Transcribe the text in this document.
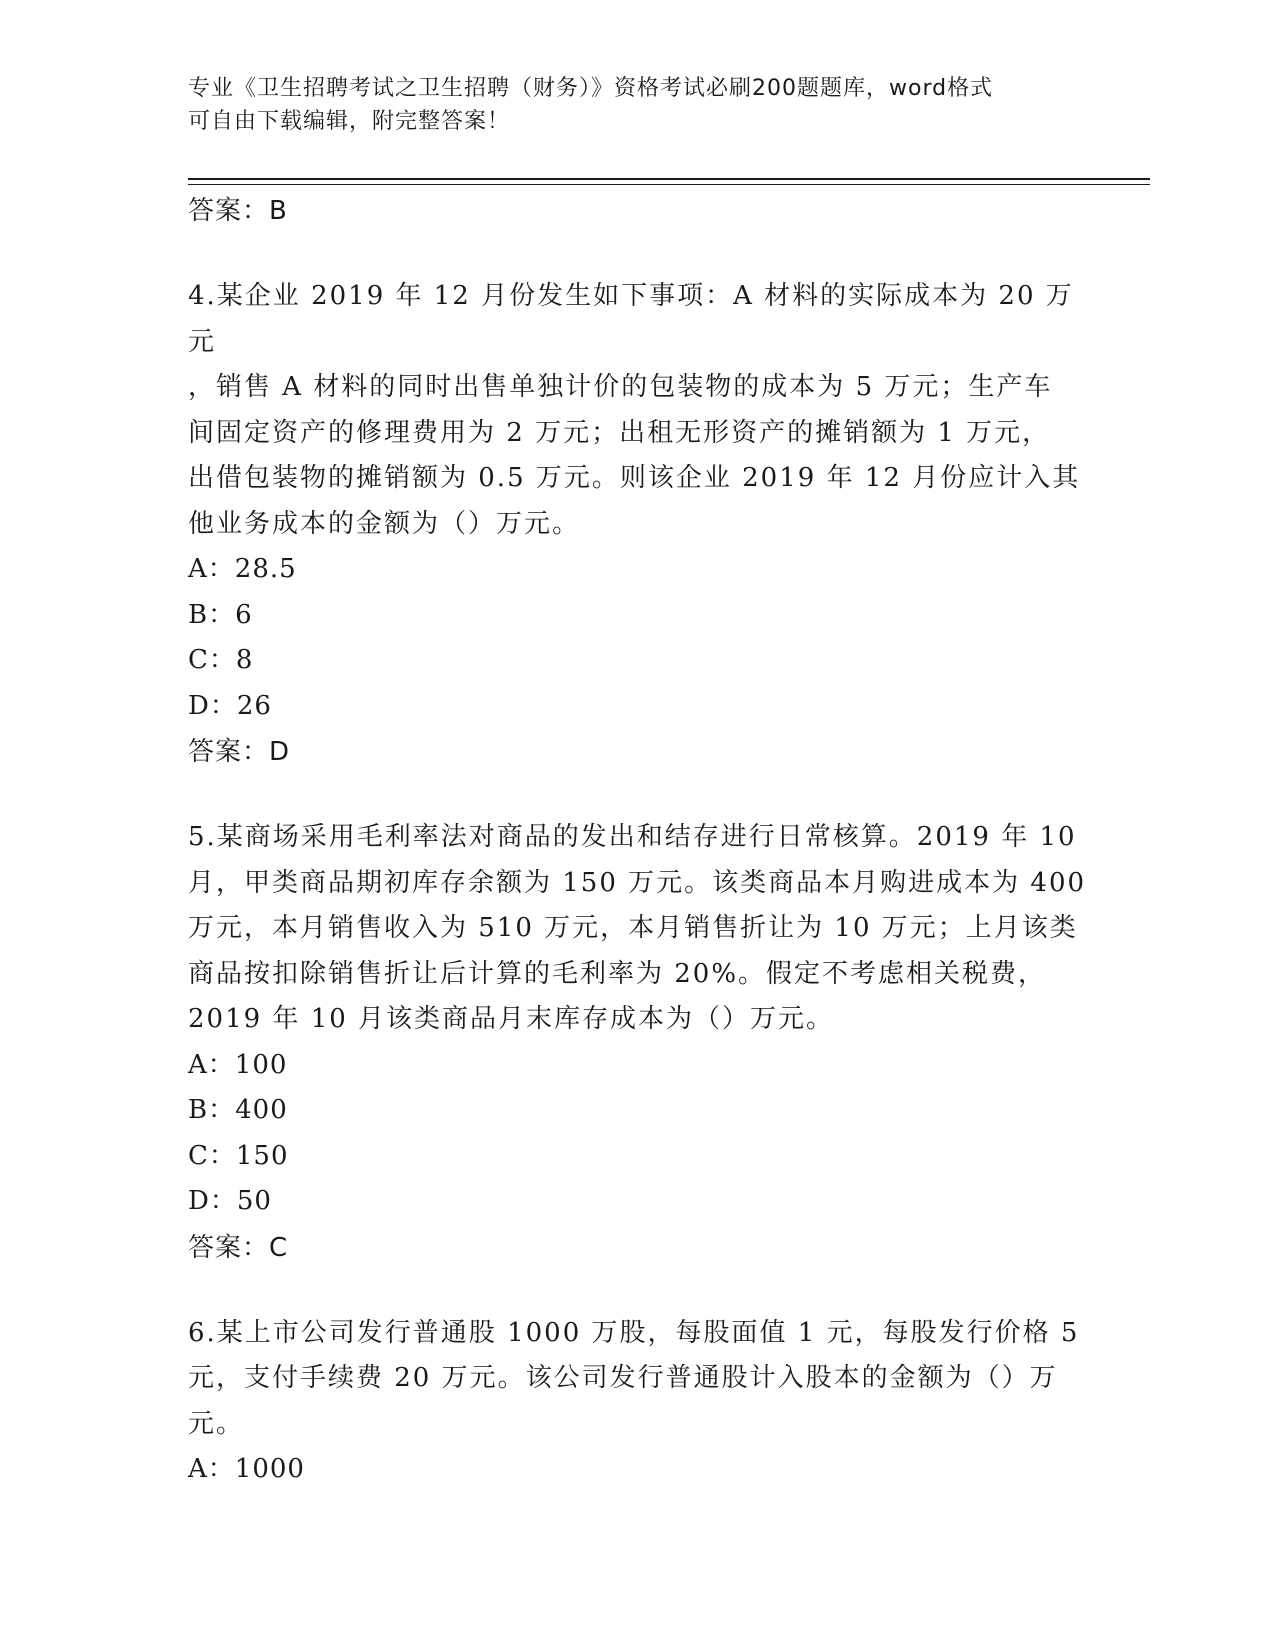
专业《卫生招聘考试之卫生招聘（财务）》资格考试必刷200题题库，word格式
可自由下载编辑，附完整答案！
答案：B
4.某企业 2019 年 12 月份发生如下事项：A 材料的实际成本为 20 万元
，销售 A 材料的同时出售单独计价的包装物的成本为 5 万元；生产车
间固定资产的修理费用为 2 万元；出租无形资产的摊销额为 1 万元，
出借包装物的摊销额为 0.5 万元。则该企业 2019 年 12 月份应计入其
他业务成本的金额为（）万元。
A：28.5
B：6
C：8
D：26
答案：D
5.某商场采用毛利率法对商品的发出和结存进行日常核算。2019 年 10
月，甲类商品期初库存余额为 150 万元。该类商品本月购进成本为 400
万元，本月销售收入为 510 万元，本月销售折让为 10 万元；上月该类
商品按扣除销售折让后计算的毛利率为 20%。假定不考虑相关税费，
2019 年 10 月该类商品月末库存成本为（）万元。
A：100
B：400
C：150
D：50
答案：C
6.某上市公司发行普通股 1000 万股，每股面值 1 元，每股发行价格 5
元，支付手续费 20 万元。该公司发行普通股计入股本的金额为（）万
元。
A：1000
